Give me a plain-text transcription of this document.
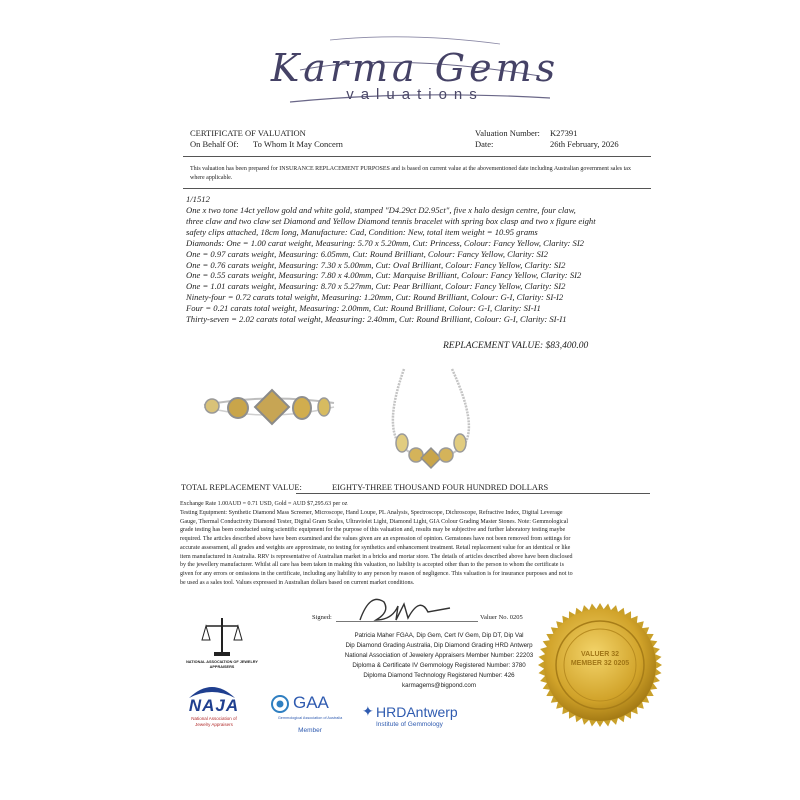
Karma Gems
valuations
CERTIFICATE OF VALUATION
On Behalf Of: To Whom It May Concern
Valuation Number: K27391
Date:	26th February, 2026
This valuation has been prepared for INSURANCE REPLACEMENT PURPOSES and is based on current value at the abovementioned date including Australian government sales tax where applicable.
1/1512
One x two tone 14ct yellow gold and white gold, stamped "D4.29ct D2.95ct", five x halo design centre, four claw,
three claw and two claw set Diamond and Yellow Diamond tennis bracelet with spring box clasp and two x figure eight
safety clips attached, 18cm long, Manufacture: Cad, Condition: New, total item weight = 10.95 grams
Diamonds: One = 1.00 carat weight, Measuring: 5.70 x 5.20mm, Cut: Princess, Colour: Fancy Yellow, Clarity: SI2
One = 0.97 carats weight, Measuring: 6.05mm, Cut: Round Brilliant, Colour: Fancy Yellow, Clarity: SI2
One = 0.76 carats weight, Measuring: 7.30 x 5.00mm, Cut: Oval Brilliant, Colour: Fancy Yellow, Clarity: SI2
One = 0.55 carats weight, Measuring: 7.80 x 4.00mm, Cut: Marquise Brilliant, Colour: Fancy Yellow, Clarity: SI2
One = 1.01 carats weight, Measuring: 8.70 x 5.27mm, Cut: Pear Brilliant, Colour: Fancy Yellow, Clarity: SI2
Ninety-four = 0.72 carats total weight, Measuring: 1.20mm, Cut: Round Brilliant, Colour: G-I, Clarity: SI-I2
Four = 0.21 carats total weight, Measuring: 2.00mm, Cut: Round Brilliant, Colour: G-I, Clarity: SI-I1
Thirty-seven = 2.02 carats total weight, Measuring: 2.40mm, Cut: Round Brilliant, Colour: G-I, Clarity: SI-I1
REPLACEMENT VALUE: $83,400.00
TOTAL REPLACEMENT VALUE:	EIGHTY-THREE THOUSAND FOUR HUNDRED DOLLARS
Exchange Rate 1.00AUD = 0.71 USD, Gold = AUD $7,295.63 per oz
Testing Equipment: Synthetic Diamond Mass Screener, Microscope, Hand Loupe, PL Analysis, Spectroscope, Dichroscope, Refractive Index, Digital Leverage
Gauge, Thermal Conductivity Diamond Tester, Digital Gram Scales, Ultraviolet Light, Diamond Light, GIA Colour Grading Master Stones. Note: Gemmological
grade testing has been conducted using scientific equipment for the purpose of this valuation and, results may be subjective and further laboratory testing maybe
required. The articles described above have been examined and the values given are an expression of opinion. Gemstones have not been removed from settings for
accurate assessment, all grades and weights are approximate, no testing for synthetics and enhancement treatment. Retail replacement value for an identical or like
item manufactured in Australia. RRV is representative of Australian market in a bricks and mortar store. The details of articles described above have been disclosed
by the jewellery manufacturer. Whilst all care has been taken in making this valuation, no liability is accepted other than to the person to whom the certificate is
given for any errors or omissions in the certificate, including any liability to any person by reason of negligence. This valuation is for insurance purposes and not to
be used as a sales tool. Values expressed in Australian dollars based on current market conditions.
Signed:	Valuer No. 0205
Patricia Maher FGAA, Dip Gem, Cert IV Gem, Dip DT, Dip Val
Dip Diamond Grading Australia, Dip Diamond Grading HRD Antwerp
National Association of Jewelery Appraisers Member Number: 22203
Diploma & Certificate IV Gemmology Registered Number: 3780
Diploma Diamond Technology Registered Number: 426
karmagems@bigpond.com
NATIONAL ASSOCIATION OF JEWELRY APPRAISERS
NAJA
National Association of
Jewelry Appraisers
GAA
Gemmological Association of Australia
Member
✦ HRDAntwerp
Institute of Gemmology
VALUER 32 MEMBER 32 0205
